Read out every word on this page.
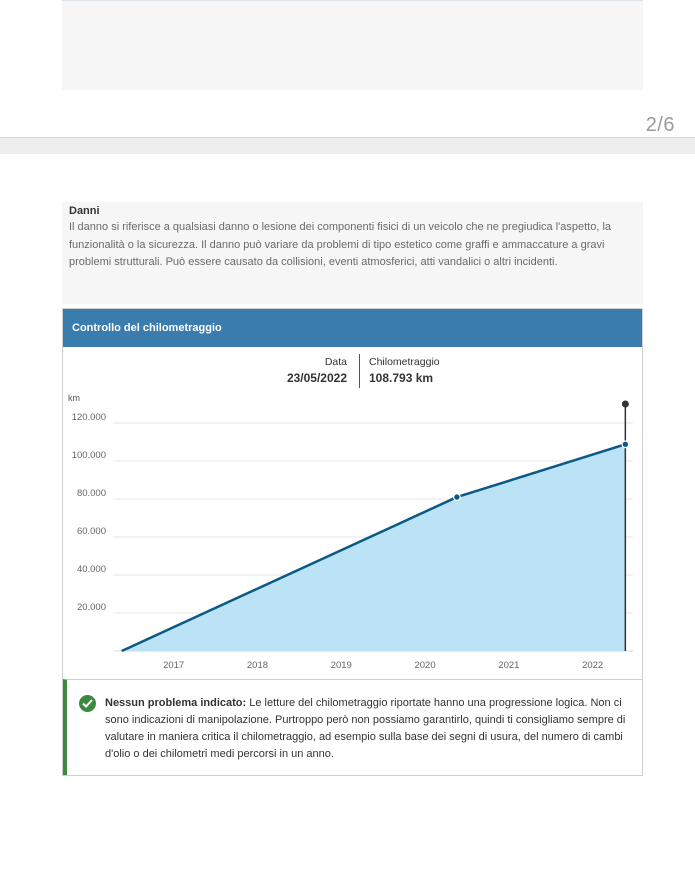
2/6
Danni
Il danno si riferisce a qualsiasi danno o lesione dei componenti fisici di un veicolo che ne pregiudica l'aspetto, la funzionalità o la sicurezza. Il danno può variare da problemi di tipo estetico come graffi e ammaccature a gravi problemi strutturali. Può essere causato da collisioni, eventi atmosferici, atti vandalici o altri incidenti.
Controllo del chilometraggio
Data
23/05/2022
Chilometraggio
108.793 km
km
20.000
40.000
60.000
80.000
100.000
120.000
2017	2018	2019	2020	2021	2022
Nessun problema indicato: Le letture del chilometraggio riportate hanno una progressione logica. Non ci sono indicazioni di manipolazione. Purtroppo però non possiamo garantirlo, quindi ti consigliamo sempre di valutare in maniera critica il chilometraggio, ad esempio sulla base dei segni di usura, del numero di cambi d'olio o dei chilometri medi percorsi in un anno.
